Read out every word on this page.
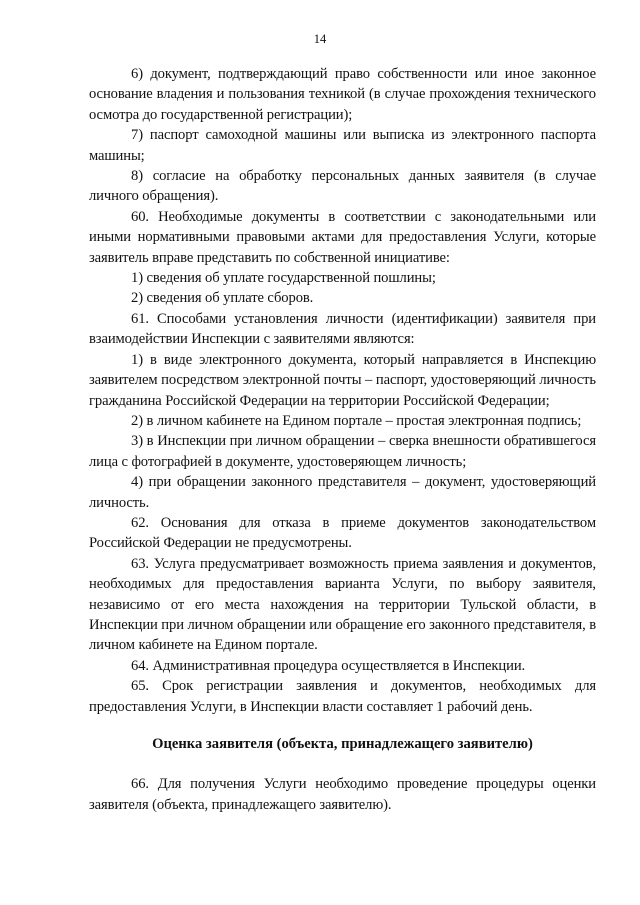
14

6) документ, подтверждающий право собственности или иное законное основание владения и пользования техникой (в случае прохождения технического осмотра до государственной регистрации);

7) паспорт самоходной машины или выписка из электронного паспорта машины;

8) согласие на обработку персональных данных заявителя (в случае личного обращения).

60. Необходимые документы в соответствии с законодательными или иными нормативными правовыми актами для предоставления Услуги, которые заявитель вправе представить по собственной инициативе:

1) сведения об уплате государственной пошлины;

2) сведения об уплате сборов.

61. Способами установления личности (идентификации) заявителя при взаимодействии Инспекции с заявителями являются:

1) в виде электронного документа, который направляется в Инспекцию заявителем посредством электронной почты – паспорт, удостоверяющий личность гражданина Российской Федерации на территории Российской Федерации;

2) в личном кабинете на Едином портале – простая электронная подпись;

3) в Инспекции при личном обращении – сверка внешности обратившегося лица с фотографией в документе, удостоверяющем личность;

4) при обращении законного представителя – документ, удостоверяющий личность.

62. Основания для отказа в приеме документов законодательством Российской Федерации не предусмотрены.

63. Услуга предусматривает возможность приема заявления и документов, необходимых для предоставления варианта Услуги, по выбору заявителя, независимо от его места нахождения на территории Тульской области, в Инспекции при личном обращении или обращение его законного представителя, в личном кабинете на Едином портале.

64. Административная процедура осуществляется в Инспекции.

65. Срок регистрации заявления и документов, необходимых для предоставления Услуги, в Инспекции власти составляет 1 рабочий день.

Оценка заявителя (объекта, принадлежащего заявителю)

66. Для получения Услуги необходимо проведение процедуры оценки заявителя (объекта, принадлежащего заявителю).
